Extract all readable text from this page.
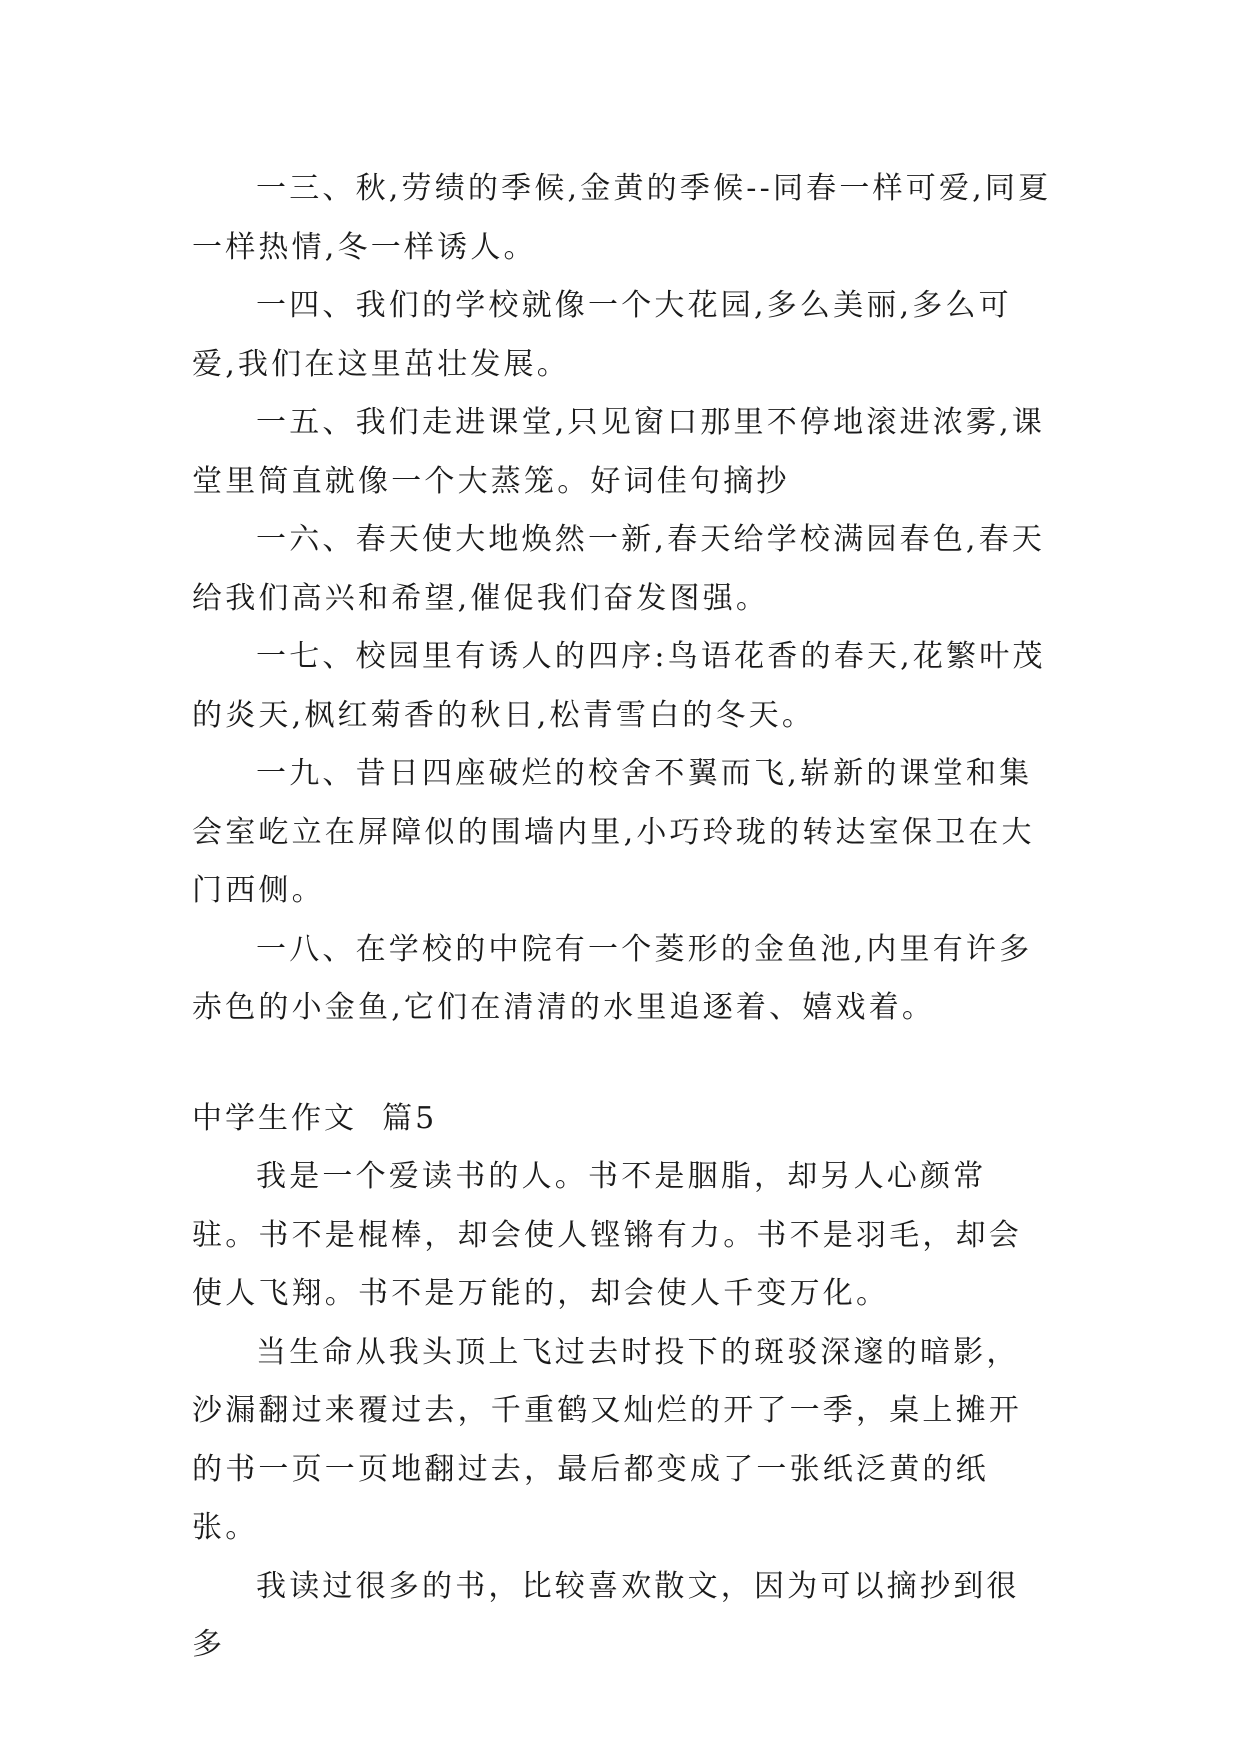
一三、秋,劳绩的季候,金黄的季候--同春一样可爱,同夏一样热情,冬一样诱人。

一四、我们的学校就像一个大花园,多么美丽,多么可爱,我们在这里茁壮发展。

一五、我们走进课堂,只见窗口那里不停地滚进浓雾,课堂里简直就像一个大蒸笼。好词佳句摘抄

一六、春天使大地焕然一新,春天给学校满园春色,春天给我们高兴和希望,催促我们奋发图强。

一七、校园里有诱人的四序:鸟语花香的春天,花繁叶茂的炎天,枫红菊香的秋日,松青雪白的冬天。

一九、昔日四座破烂的校舍不翼而飞,崭新的课堂和集会室屹立在屏障似的围墙内里,小巧玲珑的转达室保卫在大门西侧。

一八、在学校的中院有一个菱形的金鱼池,内里有许多赤色的小金鱼,它们在清清的水里追逐着、嬉戏着。

中学生作文  篇5

我是一个爱读书的人。书不是胭脂，却另人心颜常驻。书不是棍棒，却会使人铿锵有力。书不是羽毛，却会使人飞翔。书不是万能的，却会使人千变万化。

当生命从我头顶上飞过去时投下的斑驳深邃的暗影，沙漏翻过来覆过去，千重鹤又灿烂的开了一季，桌上摊开的书一页一页地翻过去，最后都变成了一张纸泛黄的纸张。

我读过很多的书，比较喜欢散文，因为可以摘抄到很多
